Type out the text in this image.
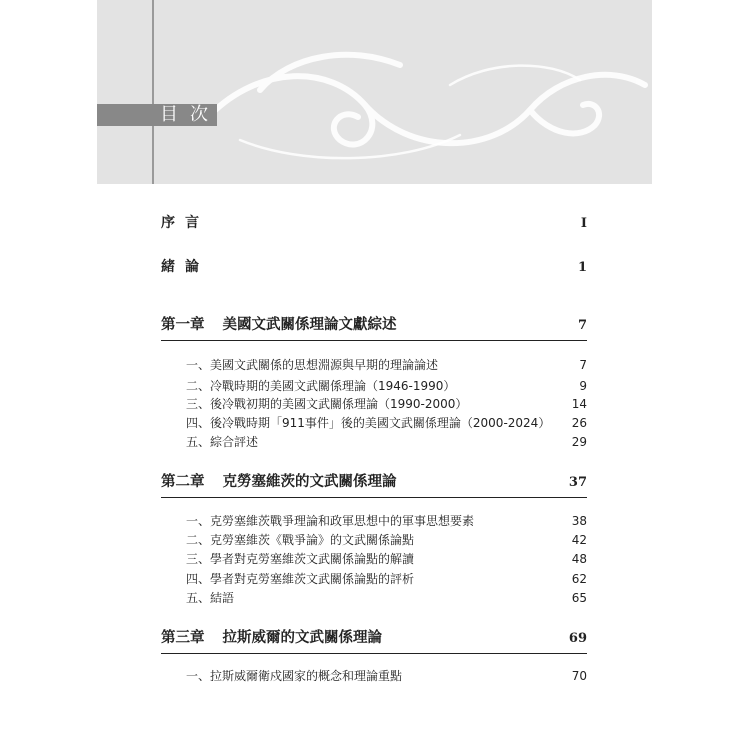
目次
序言	I
緒論	1
第一章 美國文武關係理論文獻綜述	7
一、美國文武關係的思想淵源與早期的理論論述	7
二、冷戰時期的美國文武關係理論（1946-1990）	9
三、後冷戰初期的美國文武關係理論（1990-2000）	14
四、後冷戰時期「911事件」後的美國文武關係理論（2000-2024） 26
五、綜合評述	29
第二章 克勞塞維茨的文武關係理論	37
一、克勞塞維茨戰爭理論和政軍思想中的軍事思想要素	38
二、克勞塞維茨《戰爭論》的文武關係論點	42
三、學者對克勞塞維茨文武關係論點的解讀	48
四、學者對克勞塞維茨文武關係論點的評析	62
五、結語	65
第三章 拉斯威爾的文武關係理論	69
一、拉斯威爾衛戍國家的概念和理論重點	70
